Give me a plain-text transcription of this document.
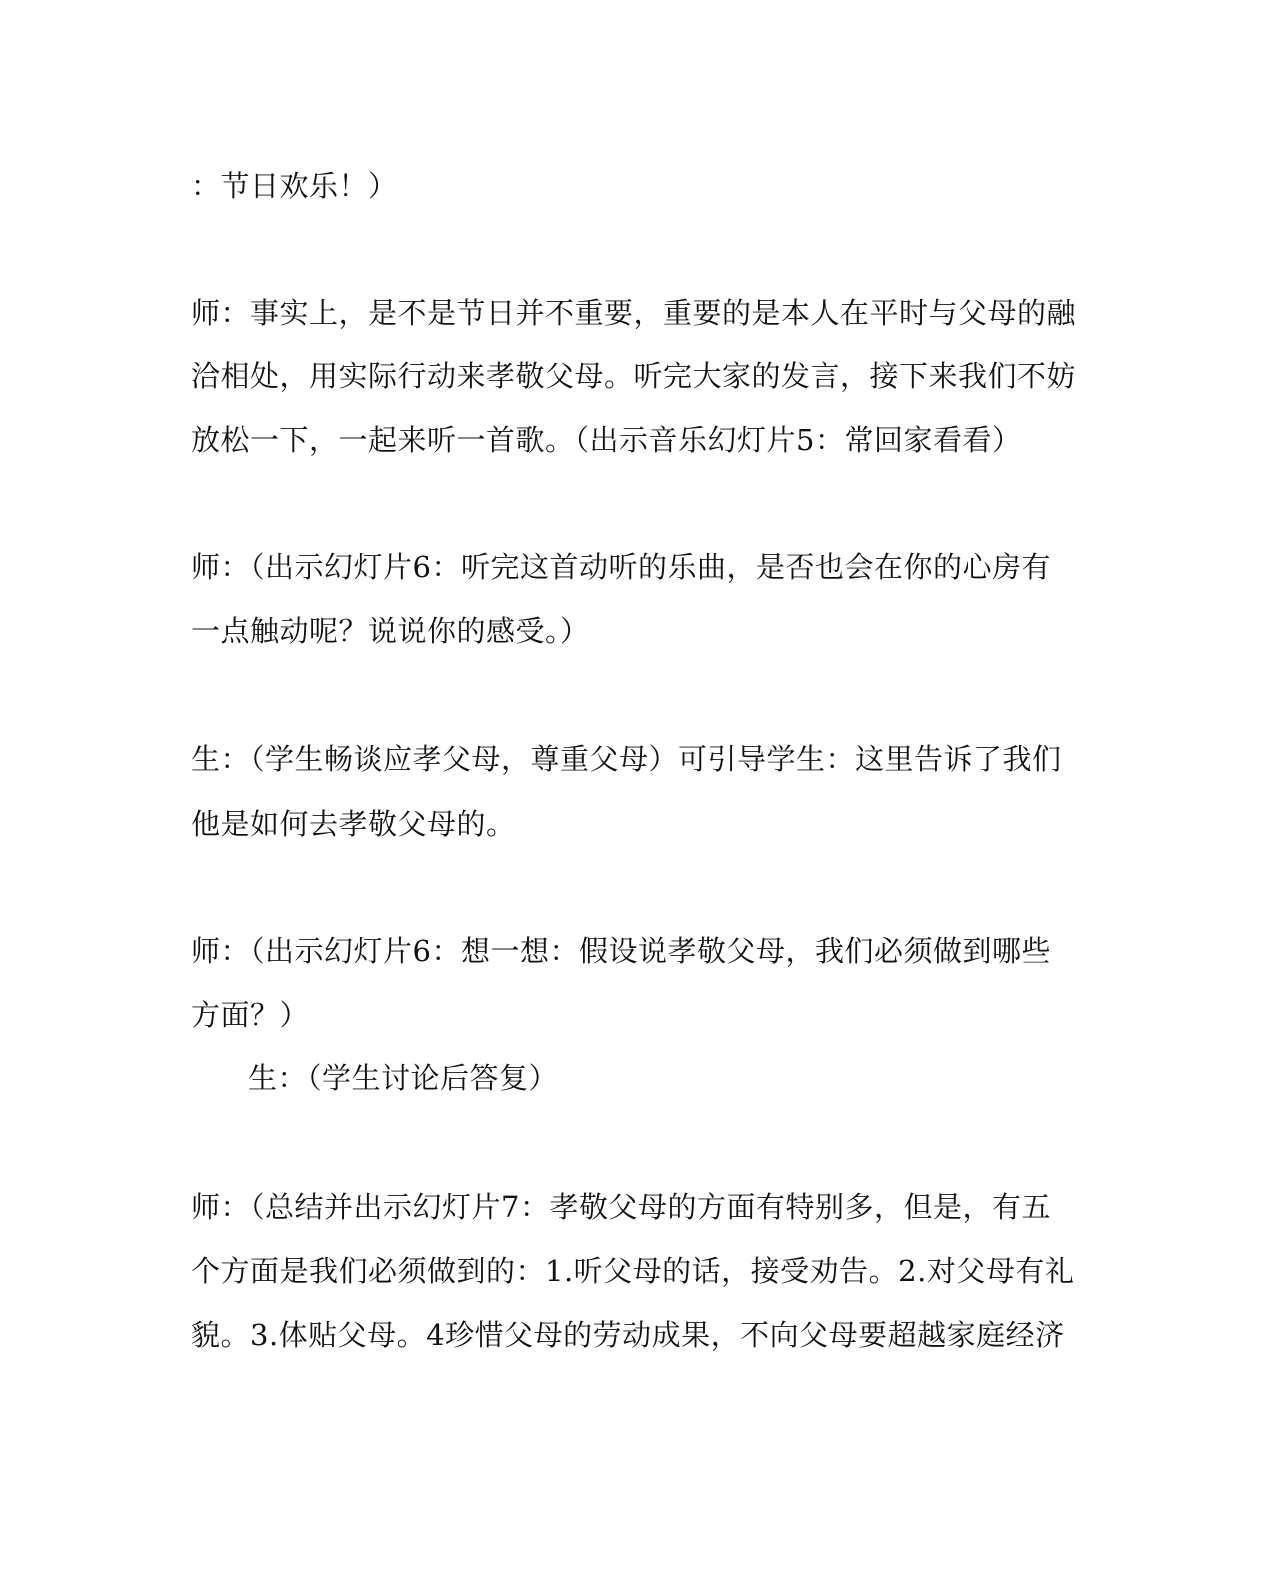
：节日欢乐！）
师：事实上，是不是节日并不重要，重要的是本人在平时与父母的融
洽相处，用实际行动来孝敬父母。听完大家的发言，接下来我们不妨
放松一下，一起来听一首歌。（出示音乐幻灯片5：常回家看看）
师：（出示幻灯片6：听完这首动听的乐曲，是否也会在你的心房有
一点触动呢？说说你的感受。）
生：（学生畅谈应孝父母，尊重父母）可引导学生：这里告诉了我们
他是如何去孝敬父母的。
师：（出示幻灯片6：想一想：假设说孝敬父母，我们必须做到哪些
方面？）
生：（学生讨论后答复）
师：（总结并出示幻灯片7：孝敬父母的方面有特别多，但是，有五
个方面是我们必须做到的：1.听父母的话，接受劝告。2.对父母有礼
貌。3.体贴父母。4珍惜父母的劳动成果，不向父母要超越家庭经济
